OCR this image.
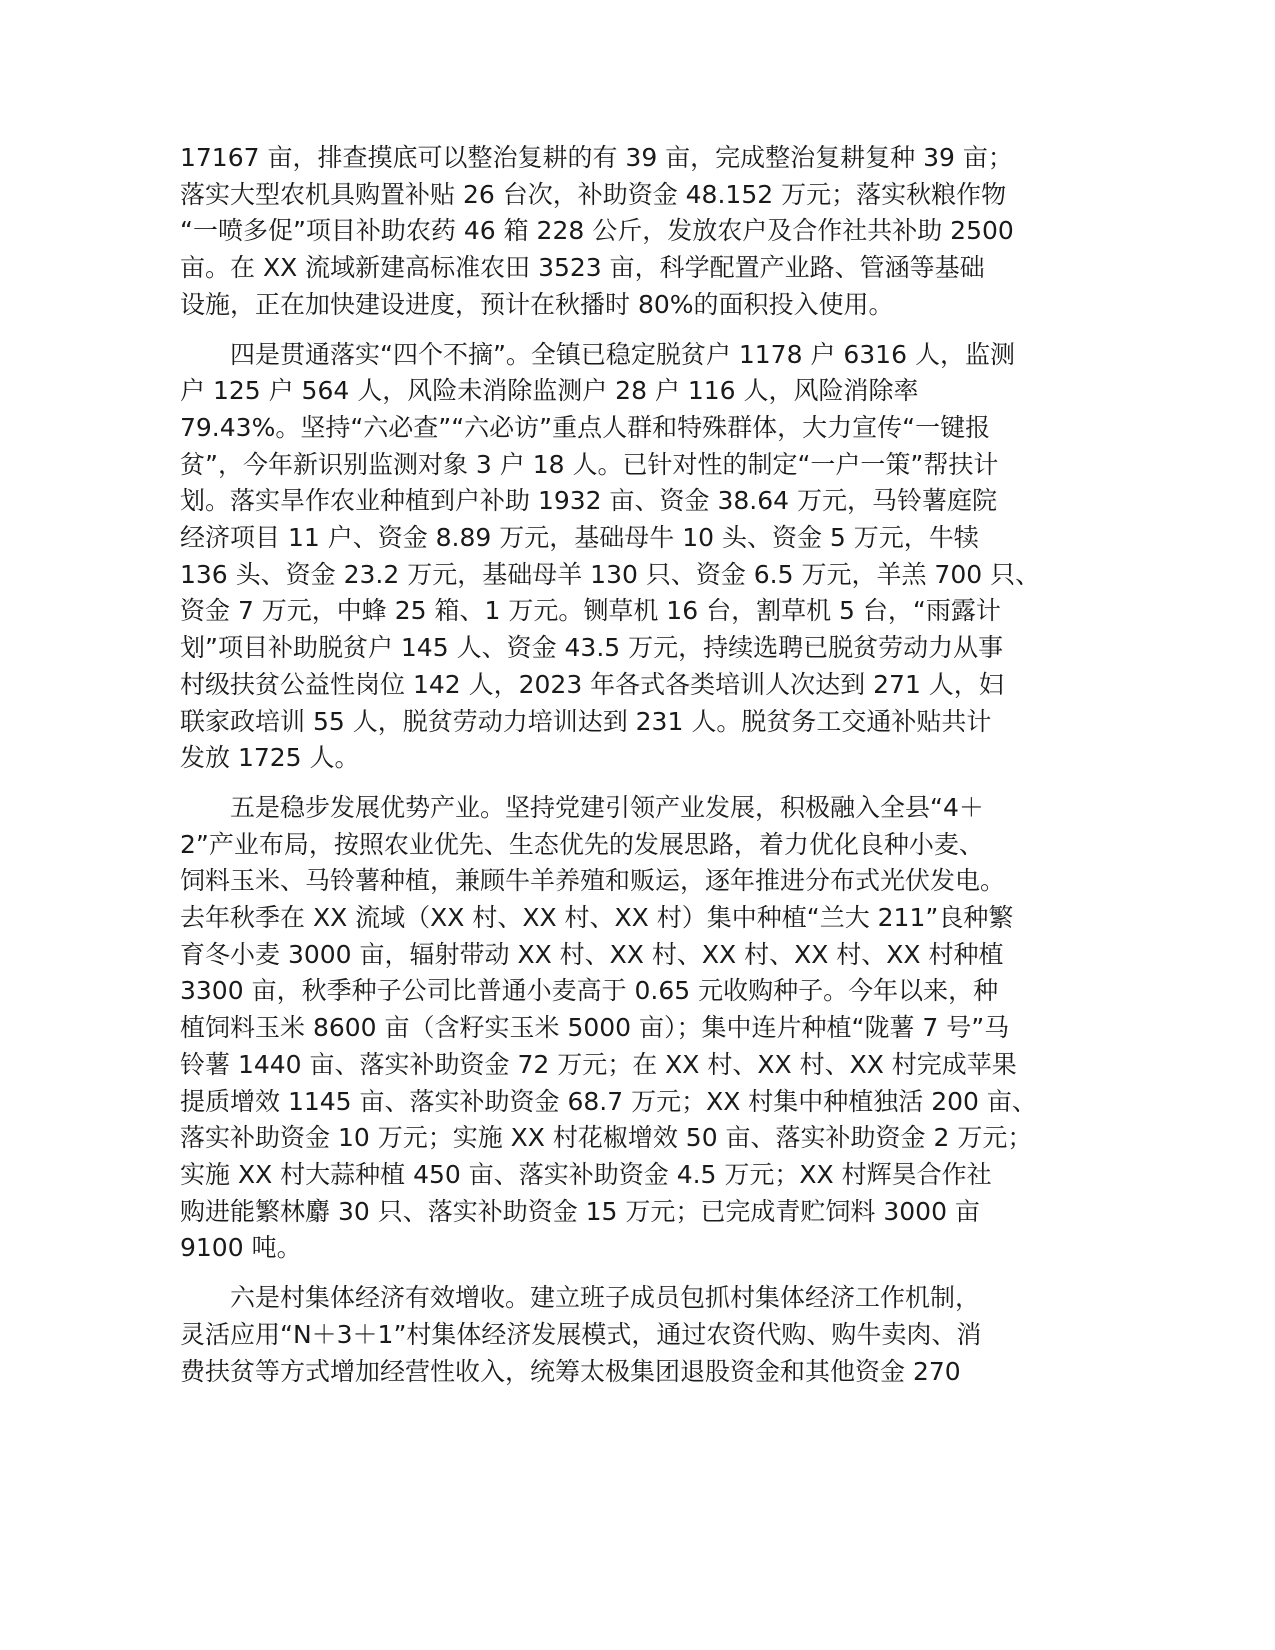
17167 亩，排查摸底可以整治复耕的有 39 亩，完成整治复耕复种 39 亩；
落实大型农机具购置补贴 26 台次，补助资金 48.152 万元；落实秋粮作物
“一喷多促”项目补助农药 46 箱 228 公斤，发放农户及合作社共补助 2500
亩。在 XX 流域新建高标准农田 3523 亩，科学配置产业路、管涵等基础
设施，正在加快建设进度，预计在秋播时 80%的面积投入使用。
四是贯通落实“四个不摘”。全镇已稳定脱贫户 1178 户 6316 人，监测
户 125 户 564 人，风险未消除监测户 28 户 116 人，风险消除率
79.43%。坚持“六必查”“六必访”重点人群和特殊群体，大力宣传“一键报
贫”，今年新识别监测对象 3 户 18 人。已针对性的制定“一户一策”帮扶计
划。落实旱作农业种植到户补助 1932 亩、资金 38.64 万元，马铃薯庭院
经济项目 11 户、资金 8.89 万元，基础母牛 10 头、资金 5 万元，牛犊
136 头、资金 23.2 万元，基础母羊 130 只、资金 6.5 万元，羊羔 700 只、
资金 7 万元，中蜂 25 箱、1 万元。铡草机 16 台，割草机 5 台，“雨露计
划”项目补助脱贫户 145 人、资金 43.5 万元，持续选聘已脱贫劳动力从事
村级扶贫公益性岗位 142 人，2023 年各式各类培训人次达到 271 人，妇
联家政培训 55 人，脱贫劳动力培训达到 231 人。脱贫务工交通补贴共计
发放 1725 人。
五是稳步发展优势产业。坚持党建引领产业发展，积极融入全县“4＋
2”产业布局，按照农业优先、生态优先的发展思路，着力优化良种小麦、
饲料玉米、马铃薯种植，兼顾牛羊养殖和贩运，逐年推进分布式光伏发电。
去年秋季在 XX 流域（XX 村、XX 村、XX 村）集中种植“兰大 211”良种繁
育冬小麦 3000 亩，辐射带动 XX 村、XX 村、XX 村、XX 村、XX 村种植
3300 亩，秋季种子公司比普通小麦高于 0.65 元收购种子。今年以来，种
植饲料玉米 8600 亩（含籽实玉米 5000 亩）；集中连片种植“陇薯 7 号”马
铃薯 1440 亩、落实补助资金 72 万元；在 XX 村、XX 村、XX 村完成苹果
提质增效 1145 亩、落实补助资金 68.7 万元；XX 村集中种植独活 200 亩、
落实补助资金 10 万元；实施 XX 村花椒增效 50 亩、落实补助资金 2 万元；
实施 XX 村大蒜种植 450 亩、落实补助资金 4.5 万元；XX 村辉昊合作社
购进能繁林麝 30 只、落实补助资金 15 万元；已完成青贮饲料 3000 亩
9100 吨。
六是村集体经济有效增收。建立班子成员包抓村集体经济工作机制，
灵活应用“N＋3＋1”村集体经济发展模式，通过农资代购、购牛卖肉、消
费扶贫等方式增加经营性收入，统筹太极集团退股资金和其他资金 270
